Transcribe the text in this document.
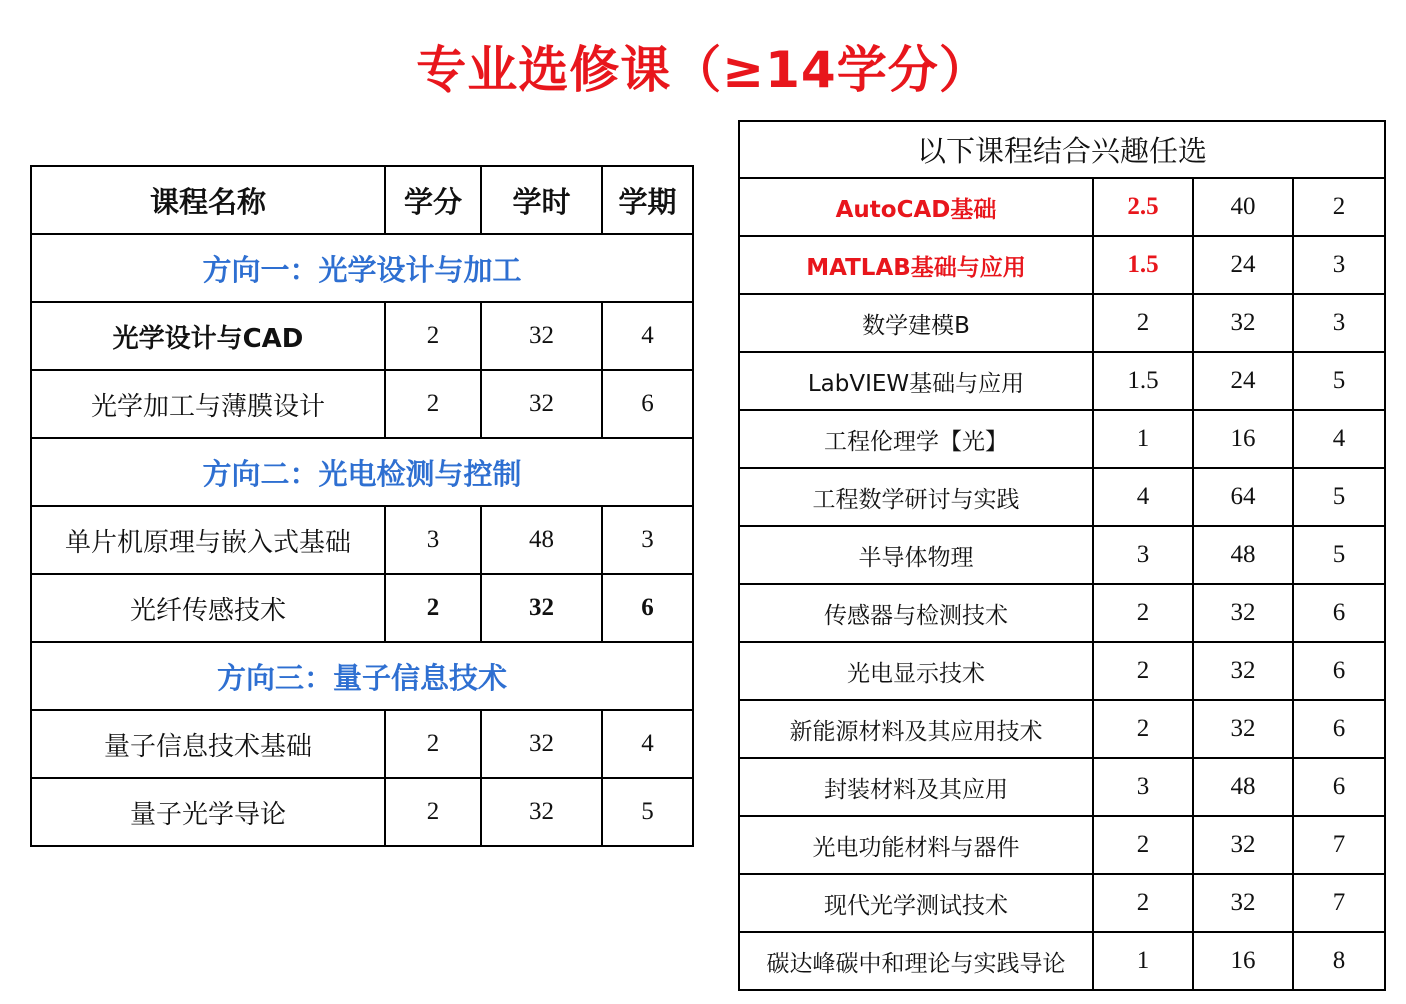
专业选修课（≥14学分）
课程名称	学分	学时	学期
方向一：光学设计与加工			
光学设计与CAD	2	32	4
光学加工与薄膜设计	2	32	6
方向二：光电检测与控制			
单片机原理与嵌入式基础	3	48	3
光纤传感技术	2	32	6
方向三：量子信息技术			
量子信息技术基础	2	32	4
量子光学导论	2	32	5
以下课程结合兴趣任选			
AutoCAD基础	2.5	40	2
MATLAB基础与应用	1.5	24	3
数学建模B	2	32	3
LabVIEW基础与应用	1.5	24	5
工程伦理学【光】	1	16	4
工程数学研讨与实践	4	64	5
半导体物理	3	48	5
传感器与检测技术	2	32	6
光电显示技术	2	32	6
新能源材料及其应用技术	2	32	6
封装材料及其应用	3	48	6
光电功能材料与器件	2	32	7
现代光学测试技术	2	32	7
碳达峰碳中和理论与实践导论	1	16	8
